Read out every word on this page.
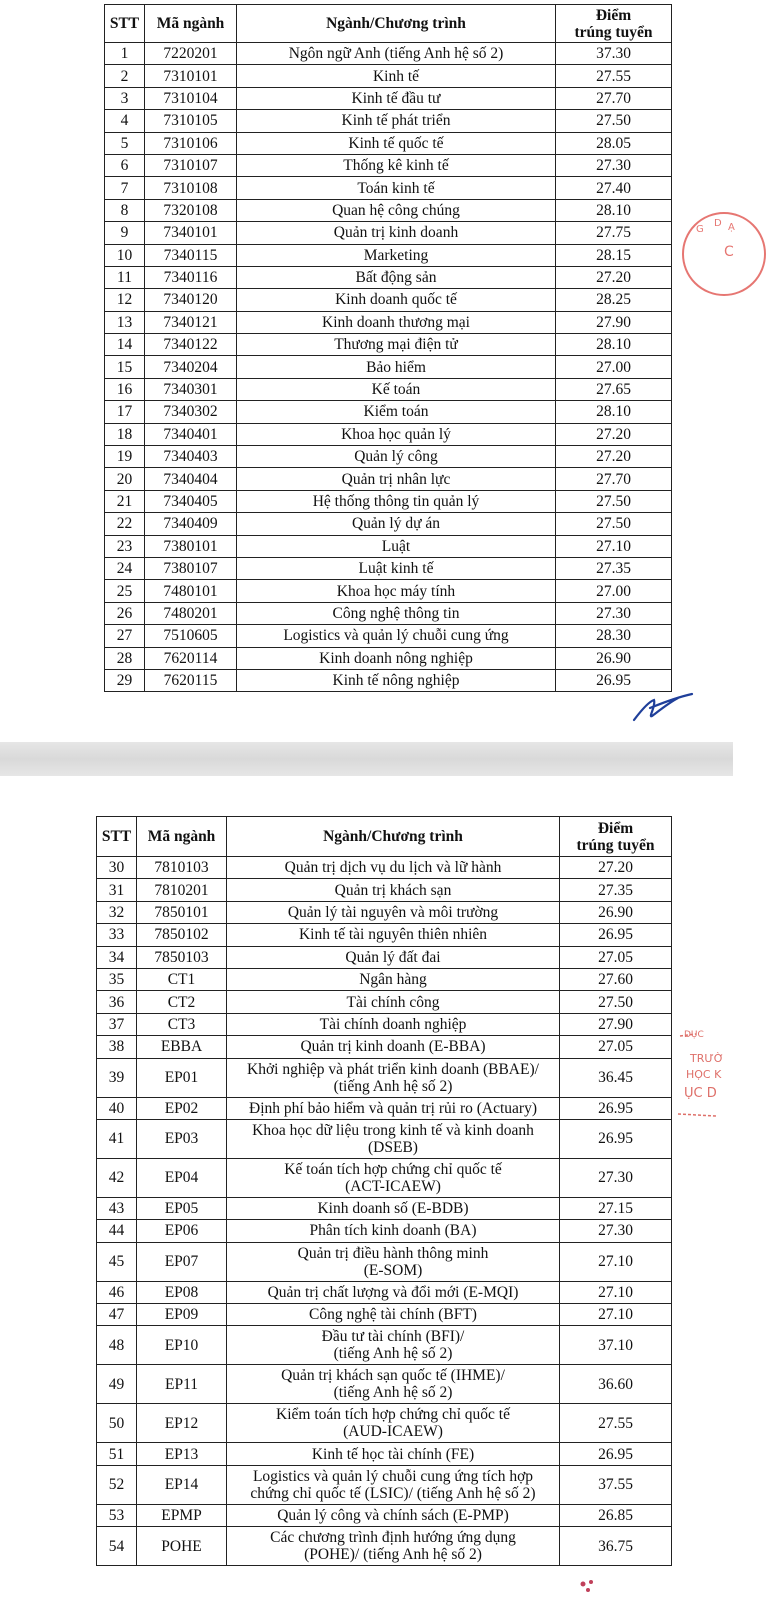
STT	Mã ngành	Ngành/Chương trình	Điểm
trúng tuyển

1	7220201	Ngôn ngữ Anh (tiếng Anh hệ số 2)	37.30
2	7310101	Kinh tế	27.55
3	7310104	Kinh tế đầu tư	27.70
4	7310105	Kinh tế phát triển	27.50
5	7310106	Kinh tế quốc tế	28.05
6	7310107	Thống kê kinh tế	27.30
7	7310108	Toán kinh tế	27.40
8	7320108	Quan hệ công chúng	28.10
9	7340101	Quản trị kinh doanh	27.75
10	7340115	Marketing	28.15
11	7340116	Bất động sản	27.20
12	7340120	Kinh doanh quốc tế	28.25
13	7340121	Kinh doanh thương mại	27.90
14	7340122	Thương mại điện tử	28.10
15	7340204	Bảo hiểm	27.00
16	7340301	Kế toán	27.65
17	7340302	Kiểm toán	28.10
18	7340401	Khoa học quản lý	27.20
19	7340403	Quản lý công	27.20
20	7340404	Quản trị nhân lực	27.70
21	7340405	Hệ thống thông tin quản lý	27.50
22	7340409	Quản lý dự án	27.50
23	7380101	Luật	27.10
24	7380107	Luật kinh tế	27.35
25	7480101	Khoa học máy tính	27.00
26	7480201	Công nghệ thông tin	27.30
27	7510605	Logistics và quản lý chuỗi cung ứng	28.30
28	7620114	Kinh doanh nông nghiệp	26.90
29	7620115	Kinh tế nông nghiệp	26.95
G
D Ạ
C
STT	Mã ngành	Ngành/Chương trình	Điểm
trúng tuyển

30	7810103	Quản trị dịch vụ du lịch và lữ hành	27.20
31	7810201	Quản trị khách sạn	27.35
32	7850101	Quản lý tài nguyên và môi trường	26.90
33	7850102	Kinh tế tài nguyên thiên nhiên	26.95
34	7850103	Quản lý đất đai	27.05
35	CT1	Ngân hàng	27.60
36	CT2	Tài chính công	27.50
37	CT3	Tài chính doanh nghiệp	27.90
38	EBBA	Quản trị kinh doanh (E-BBA)	27.05
39	EP01	Khởi nghiệp và phát triển kinh doanh (BBAE)/
(tiếng Anh hệ số 2)	36.45
40	EP02	Định phí bảo hiểm và quản trị rủi ro (Actuary)	26.95
41	EP03	Khoa học dữ liệu trong kinh tế và kinh doanh
(DSEB)	26.95
42	EP04	Kế toán tích hợp chứng chỉ quốc tế
(ACT-ICAEW)	27.30
43	EP05	Kinh doanh số (E-BDB)	27.15
44	EP06	Phân tích kinh doanh (BA)	27.30
45	EP07	Quản trị điều hành thông minh
(E-SOM)	27.10
46	EP08	Quản trị chất lượng và đổi mới (E-MQI)	27.10
47	EP09	Công nghệ tài chính (BFT)	27.10
48	EP10	Đầu tư tài chính (BFI)/
(tiếng Anh hệ số 2)	37.10
49	EP11	Quản trị khách sạn quốc tế (IHME)/
(tiếng Anh hệ số 2)	36.60
50	EP12	Kiểm toán tích hợp chứng chỉ quốc tế
(AUD-ICAEW)	27.55
51	EP13	Kinh tế học tài chính (FE)	26.95
52	EP14	Logistics và quản lý chuỗi cung ứng tích hợp
chứng chỉ quốc tế (LSIC)/ (tiếng Anh hệ số 2)	37.55
53	EPMP	Quản lý công và chính sách (E-PMP)	26.85
54	POHE	Các chương trình định hướng ứng dụng
(POHE)/ (tiếng Anh hệ số 2)	36.75
DỤC
TRƯỜ
HỌC K
ỤC D
